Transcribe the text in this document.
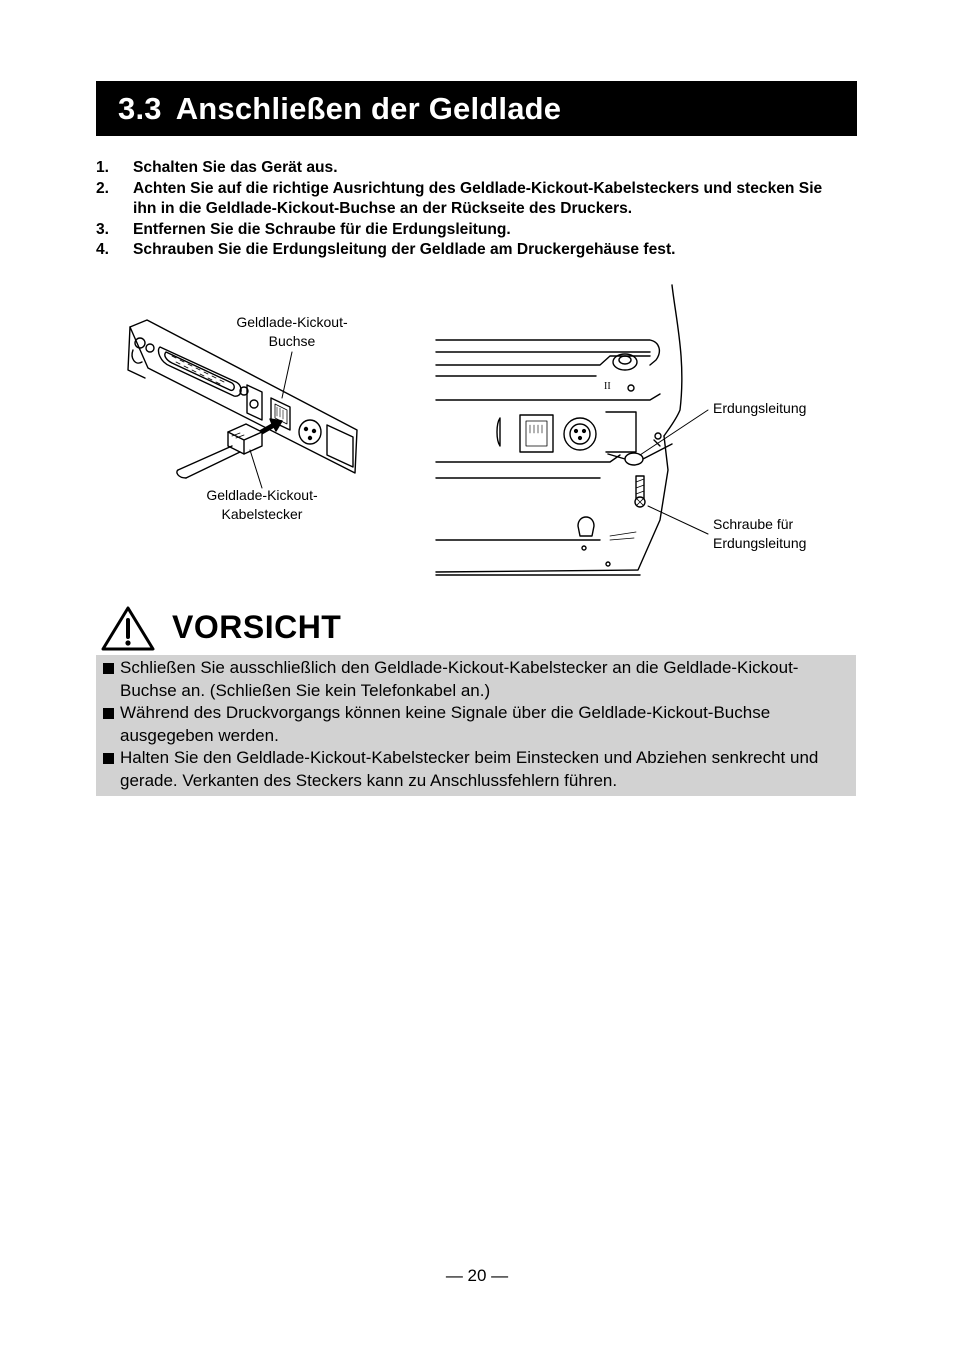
3.3 Anschließen der Geldlade
1.	Schalten Sie das Gerät aus.
2.	Achten Sie auf die richtige Ausrichtung des Geldlade-Kickout-Kabelsteckers und stecken Sie ihn in die Geldlade-Kickout-Buchse an der Rückseite des Druckers.
3.	Entfernen Sie die Schraube für die Erdungsleitung.
4.	Schrauben Sie die Erdungsleitung der Geldlade am Druckergehäuse fest.
Geldlade-Kickout-
Buchse
Geldlade-Kickout-
Kabelstecker
II
Erdungsleitung
Schraube für
Erdungsleitung
VORSICHT
Schließen Sie ausschließlich den Geldlade-Kickout-Kabelstecker an die Geldlade-Kickout-Buchse an. (Schließen Sie kein Telefonkabel an.)
Während des Druckvorgangs können keine Signale über die Geldlade-Kickout-Buchse ausgegeben werden.
Halten Sie den Geldlade-Kickout-Kabelstecker beim Einstecken und Abziehen senkrecht und gerade. Verkanten des Steckers kann zu Anschlussfehlern führen.
— 20 —
